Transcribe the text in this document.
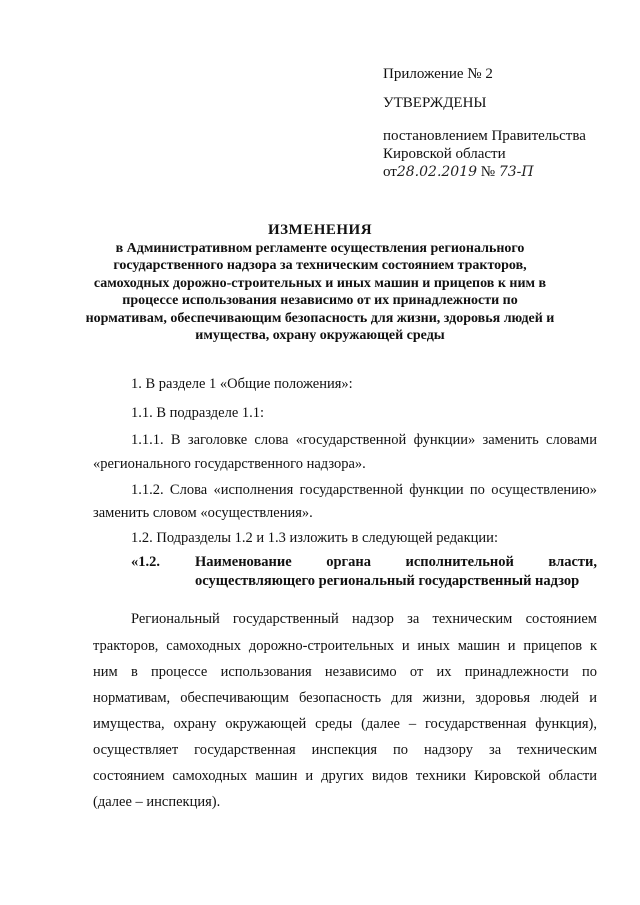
Приложение № 2
УТВЕРЖДЕНЫ
постановлением Правительства
Кировской области
от28.02.2019 № 73-П
ИЗМЕНЕНИЯ
в Административном регламенте осуществления регионального
государственного надзора за техническим состоянием тракторов,
самоходных дорожно-строительных и иных машин и прицепов к ним в
процессе использования независимо от их принадлежности по
нормативам, обеспечивающим безопасность для жизни, здоровья людей и
имущества, охрану окружающей среды
1. В разделе 1 «Общие положения»:
1.1. В подразделе 1.1:
1.1.1. В заголовке слова «государственной функции» заменить словами
«регионального государственного надзора».
1.1.2. Слова «исполнения государственной функции по осуществлению»
заменить словом «осуществления».
1.2. Подразделы 1.2 и 1.3 изложить в следующей редакции:
«1.2. Наименование органа исполнительной власти,
осуществляющего региональный государственный надзор
Региональный государственный надзор за техническим состоянием
тракторов, самоходных дорожно-строительных и иных машин и прицепов к
ним в процессе использования независимо от их принадлежности по
нормативам, обеспечивающим безопасность для жизни, здоровья людей и
имущества, охрану окружающей среды (далее – государственная функция),
осуществляет государственная инспекция по надзору за техническим
состоянием самоходных машин и других видов техники Кировской области
(далее – инспекция).
